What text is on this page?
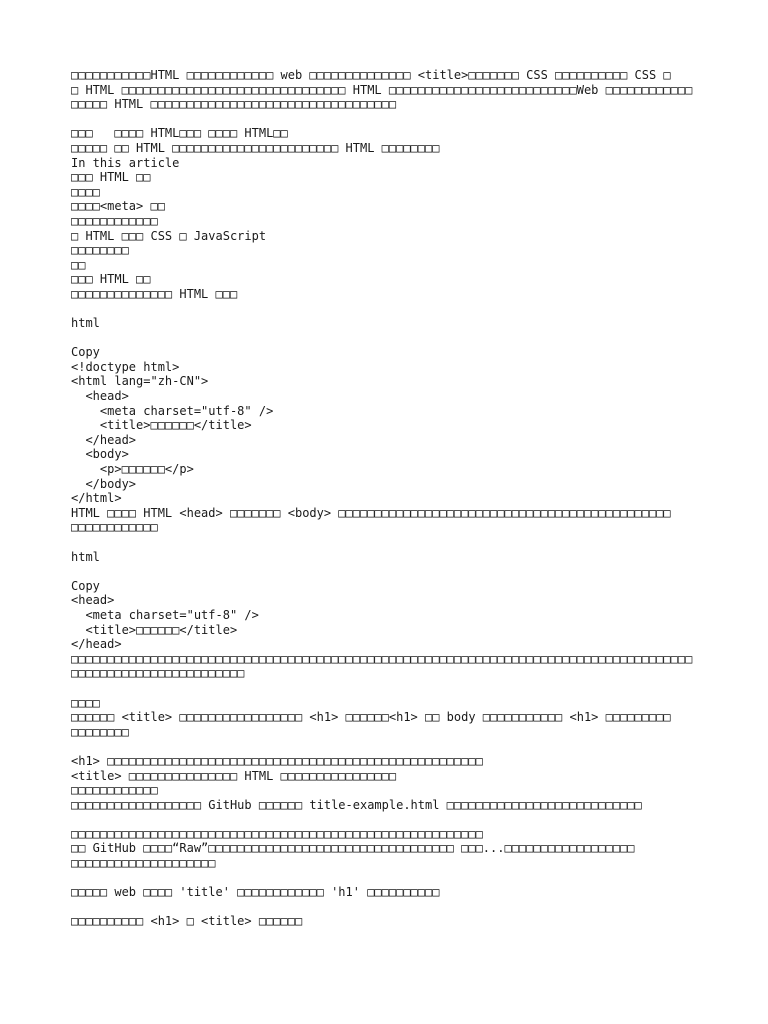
□□□□□□□□□□□HTML □□□□□□□□□□□□ web □□□□□□□□□□□□□□ <title>□□□□□□□ CSS □□□□□□□□□□ CSS □
□ HTML □□□□□□□□□□□□□□□□□□□□□□□□□□□□□□□ HTML □□□□□□□□□□□□□□□□□□□□□□□□□□Web □□□□□□□□□□□□
□□□□□ HTML □□□□□□□□□□□□□□□□□□□□□□□□□□□□□□□□□□
□□□   □□□□ HTML□□□ □□□□ HTML□□
□□□□□ □□ HTML □□□□□□□□□□□□□□□□□□□□□□□ HTML □□□□□□□□
In this article
□□□ HTML □□
□□□□
□□□□<meta> □□
□□□□□□□□□□□□
□ HTML □□□ CSS □ JavaScript
□□□□□□□□
□□
□□□ HTML □□
□□□□□□□□□□□□□□ HTML □□□
html
Copy
<!doctype html>
<html lang="zh-CN">
<head>
<meta charset="utf-8" />
<title>□□□□□□</title>
</head>
<body>
<p>□□□□□□</p>
</body>
</html>
HTML □□□□ HTML <head> □□□□□□□ <body> □□□□□□□□□□□□□□□□□□□□□□□□□□□□□□□□□□□□□□□□□□□□□□
□□□□□□□□□□□□
html
Copy
<head>
<meta charset="utf-8" />
<title>□□□□□□</title>
</head>
□□□□□□□□□□□□□□□□□□□□□□□□□□□□□□□□□□□□□□□□□□□□□□□□□□□□□□□□□□□□□□□□□□□□□□□□□□□□□□□□□□□□□□
□□□□□□□□□□□□□□□□□□□□□□□□
□□□□
□□□□□□ <title> □□□□□□□□□□□□□□□□□ <h1> □□□□□□<h1> □□ body □□□□□□□□□□□ <h1> □□□□□□□□□
□□□□□□□□
<h1> □□□□□□□□□□□□□□□□□□□□□□□□□□□□□□□□□□□□□□□□□□□□□□□□□□□□
<title> □□□□□□□□□□□□□□□ HTML □□□□□□□□□□□□□□□□
□□□□□□□□□□□□
□□□□□□□□□□□□□□□□□□ GitHub □□□□□□ title-example.html □□□□□□□□□□□□□□□□□□□□□□□□□□□
□□□□□□□□□□□□□□□□□□□□□□□□□□□□□□□□□□□□□□□□□□□□□□□□□□□□□□□□□
□□ GitHub □□□□“Raw”□□□□□□□□□□□□□□□□□□□□□□□□□□□□□□□□□□ □□□...□□□□□□□□□□□□□□□□□□
□□□□□□□□□□□□□□□□□□□□
□□□□□ web □□□□ 'title' □□□□□□□□□□□□ 'h1' □□□□□□□□□□
□□□□□□□□□□ <h1> □ <title> □□□□□□
